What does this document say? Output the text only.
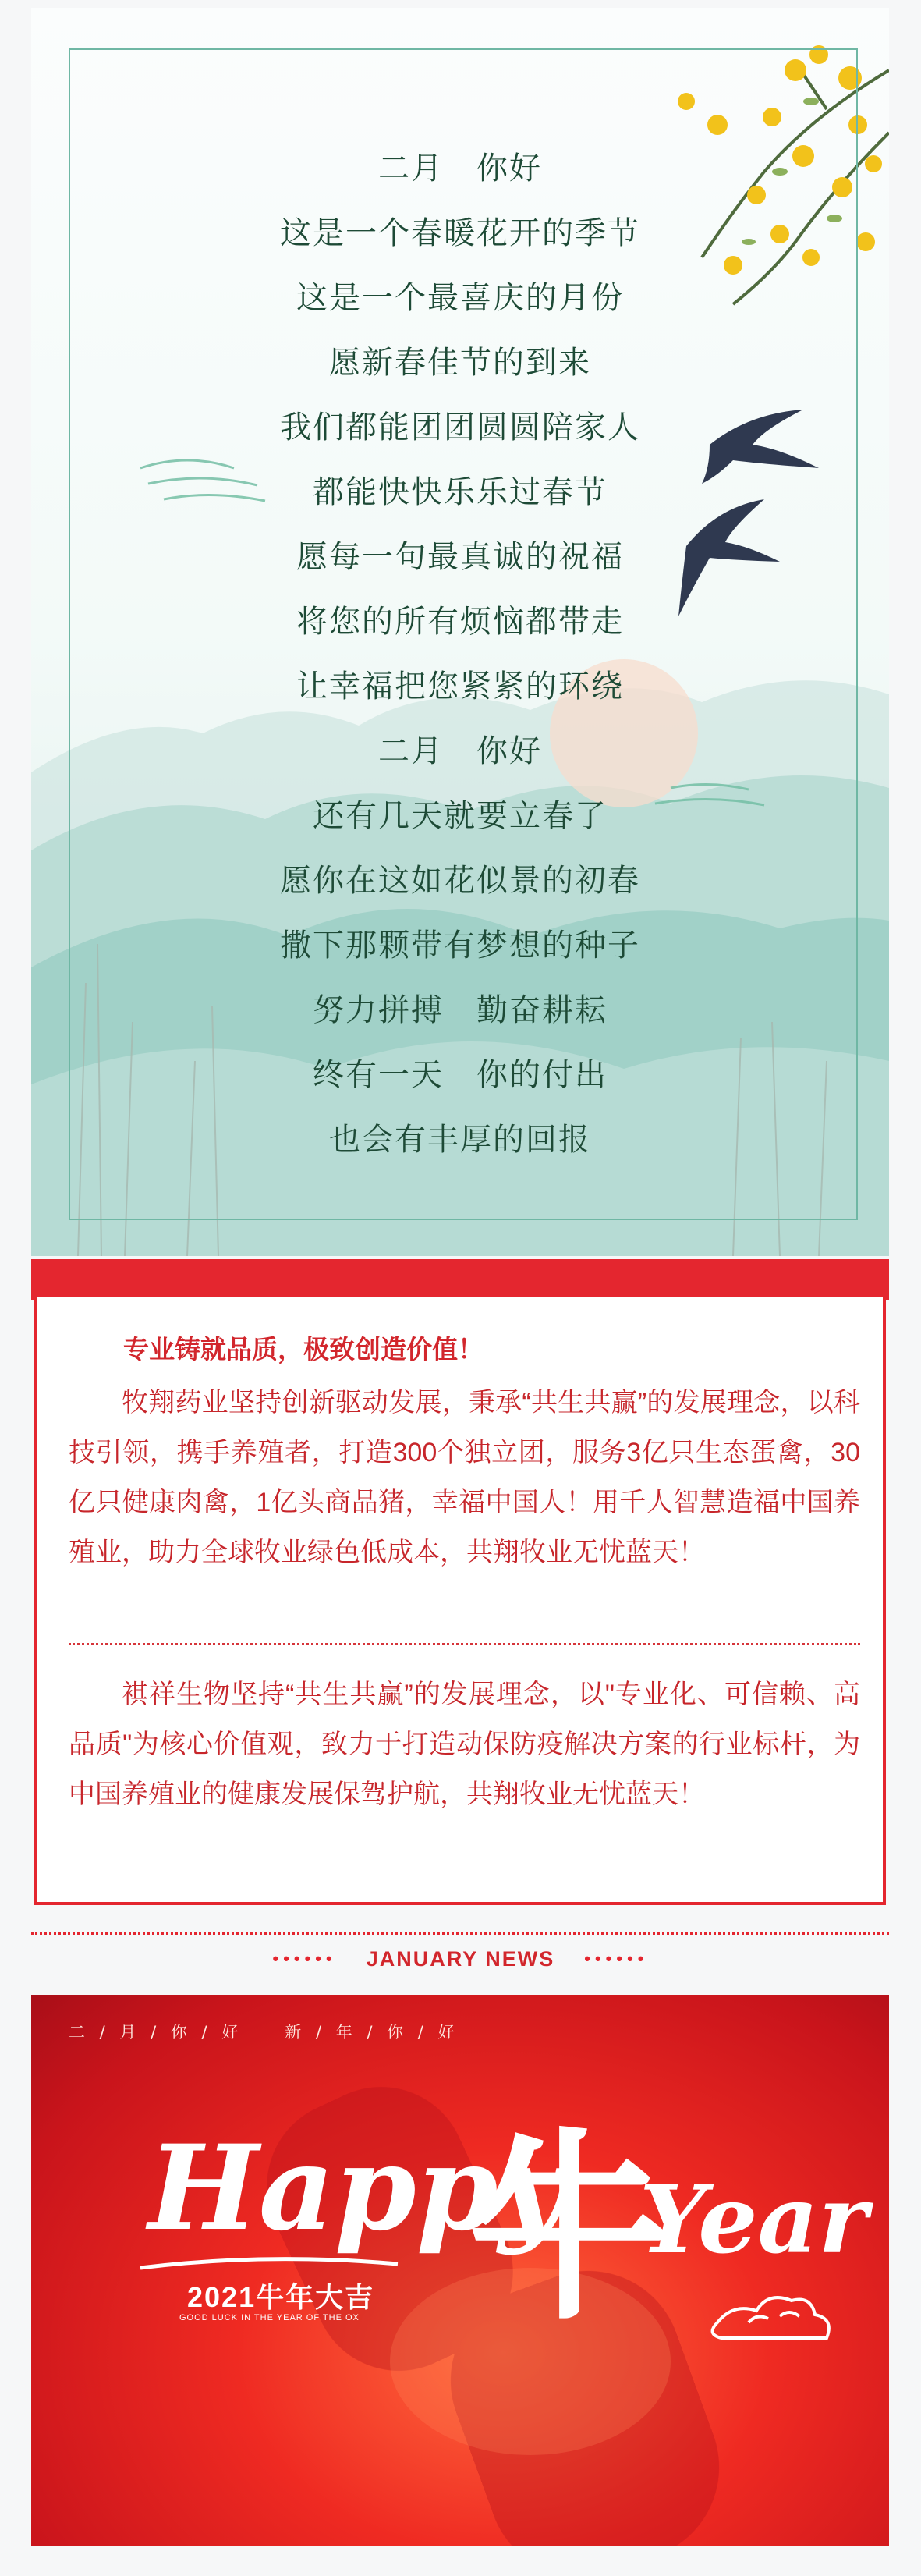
二月　你好
这是一个春暖花开的季节
这是一个最喜庆的月份
愿新春佳节的到来
我们都能团团圆圆陪家人
都能快快乐乐过春节
愿每一句最真诚的祝福
将您的所有烦恼都带走
让幸福把您紧紧的环绕
二月　你好
还有几天就要立春了
愿你在这如花似景的初春
撒下那颗带有梦想的种子
努力拼搏　勤奋耕耘
终有一天　你的付出
也会有丰厚的回报
专业铸就品质，极致创造价值！

牧翔药业坚持创新驱动发展，秉承“共生共赢”的发展理念，以科技引领，携手养殖者，打造300个独立团，服务3亿只生态蛋禽，30亿只健康肉禽，1亿头商品猪，幸福中国人！用千人智慧造福中国养殖业，助力全球牧业绿色低成本，共翔牧业无忧蓝天！

褀祥生物坚持“共生共赢”的发展理念，以"专业化、可信赖、高品质"为核心价值观，致力于打造动保防疫解决方案的行业标杆，为中国养殖业的健康发展保驾护航，共翔牧业无忧蓝天！

•••••• JANUARY NEWS ••••••
Happy
牛
Year
二 / 月 / 你 / 好　　新 / 年 / 你 / 好
2021牛年大吉
GOOD LUCK IN THE YEAR OF THE OX
